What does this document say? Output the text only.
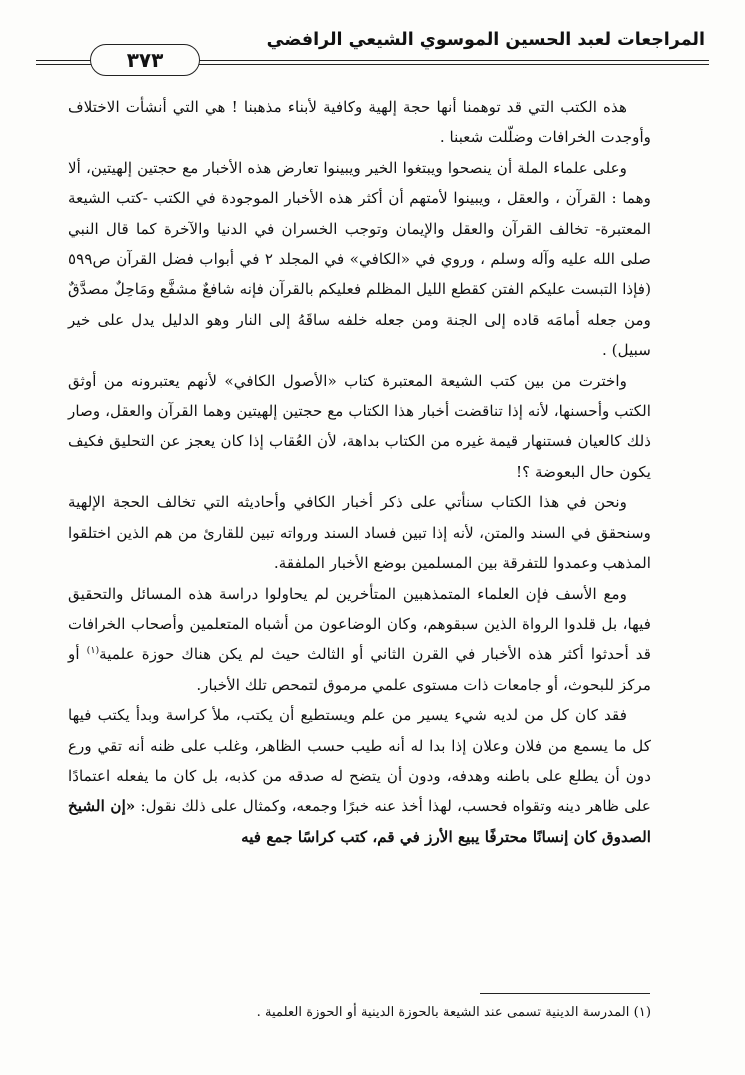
المراجعات لعبد الحسين الموسوي الشيعي الرافضي
٣٧٣

هذه الكتب التي قد توهمنا أنها حجة إلهية وكافية لأبناء مذهبنا ! هي التي أنشأت الاختلاف وأوجدت الخرافات وضلّلت شعبنا .

وعلى علماء الملة أن ينصحوا ويبتغوا الخير ويبينوا تعارض هذه الأخبار مع حجتين إلهيتين، ألا وهما : القرآن ، والعقل ، ويبينوا لأمتهم أن أكثر هذه الأخبار الموجودة في الكتب -كتب الشيعة المعتبرة- تخالف القرآن والعقل والإيمان وتوجب الخسران في الدنيا والآخرة كما قال النبي صلى الله عليه وآله وسلم ، وروي في «الكافي» في المجلد ٢ في أبواب فضل القرآن ص٥٩٩ (فإذا التبست عليكم الفتن كقطع الليل المظلم فعليكم بالقرآن فإنه شافعٌ مشفَّع ومَاحِلٌ مصدَّقٌ ومن جعله أمامَه قاده إلى الجنة ومن جعله خلفه ساقَهُ إلى النار وهو الدليل يدل على خير سبيل) .

واخترت من بين كتب الشيعة المعتبرة كتاب «الأصول الكافي» لأنهم يعتبرونه من أوثق الكتب وأحسنها، لأنه إذا تناقضت أخبار هذا الكتاب مع حجتين إلهيتين وهما القرآن والعقل، وصار ذلك كالعيان فستنهار قيمة غيره من الكتاب بداهة، لأن العُقاب إذا كان يعجز عن التحليق فكيف يكون حال البعوضة ؟!

ونحن في هذا الكتاب سنأتي على ذكر أخبار الكافي وأحاديثه التي تخالف الحجة الإلهية وسنحقق في السند والمتن، لأنه إذا تبين فساد السند ورواته تبين للقارئ من هم الذين اختلقوا المذهب وعمدوا للتفرقة بين المسلمين بوضع الأخبار الملفقة.

ومع الأسف فإن العلماء المتمذهبين المتأخرين لم يحاولوا دراسة هذه المسائل والتحقيق فيها، بل قلدوا الرواة الذين سبقوهم، وكان الوضاعون من أشباه المتعلمين وأصحاب الخرافات قد أحدثوا أكثر هذه الأخبار في القرن الثاني أو الثالث حيث لم يكن هناك حوزة علمية$^{(١)}$ أو مركز للبحوث، أو جامعات ذات مستوى علمي مرموق لتمحص تلك الأخبار.

فقد كان كل من لديه شيء يسير من علم ويستطيع أن يكتب، ملأ كراسة وبدأ يكتب فيها كل ما يسمع من فلان وعلان إذا بدا له أنه طيب حسب الظاهر، وغلب على ظنه أنه تقي ورع دون أن يطلع على باطنه وهدفه، ودون أن يتضح له صدقه من كذبه، بل كان ما يفعله اعتمادًا على ظاهر دينه وتقواه فحسب، لهذا أخذ عنه خبرًا وجمعه، وكمثال على ذلك نقول: «إن الشيخ الصدوق كان إنسانًا محترفًا يبيع الأرز في قم، كتب كراسًا جمع فيه

(١) المدرسة الدينية تسمى عند الشيعة بالحوزة الدينية أو الحوزة العلمية .
